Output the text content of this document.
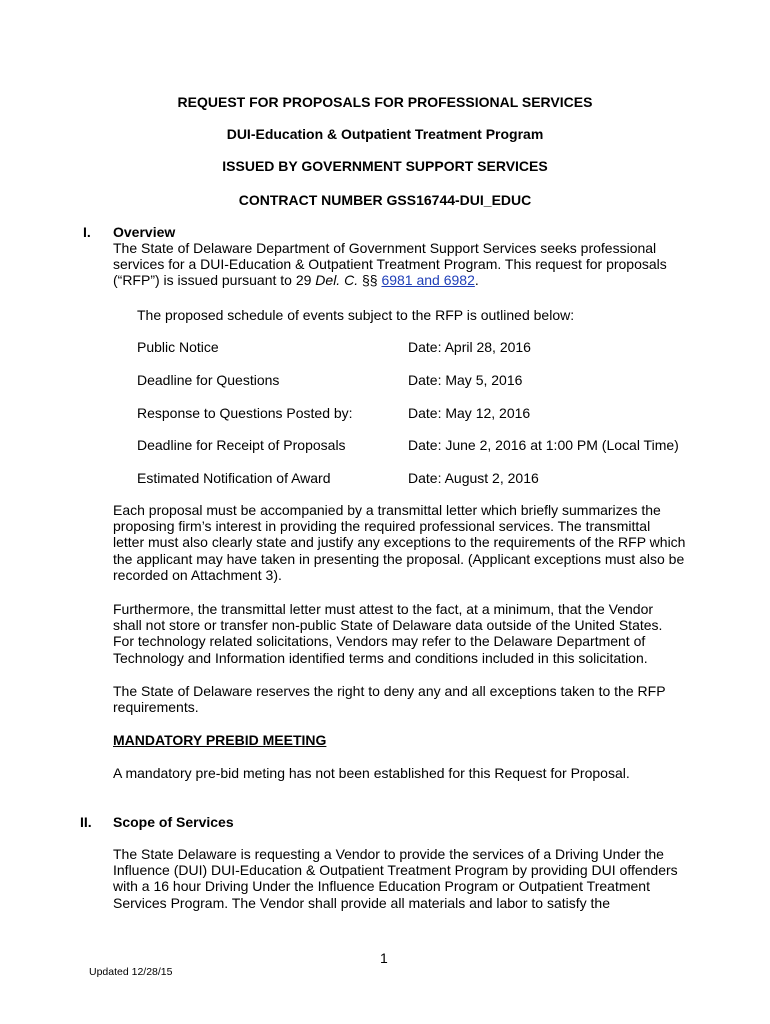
REQUEST FOR PROPOSALS FOR PROFESSIONAL SERVICES
DUI-Education & Outpatient Treatment Program
ISSUED BY GOVERNMENT SUPPORT SERVICES
CONTRACT NUMBER GSS16744-DUI_EDUC
I. Overview
The State of Delaware Department of Government Support Services seeks professional
services for a DUI-Education & Outpatient Treatment Program. This request for proposals
(“RFP”) is issued pursuant to 29 Del. C. §§ 6981 and 6982.
The proposed schedule of events subject to the RFP is outlined below:
Public Notice	Date: April 28, 2016
Deadline for Questions	Date: May 5, 2016
Response to Questions Posted by:	Date: May 12, 2016
Deadline for Receipt of Proposals	Date: June 2, 2016 at 1:00 PM (Local Time)
Estimated Notification of Award	Date: August 2, 2016
Each proposal must be accompanied by a transmittal letter which briefly summarizes the
proposing firm’s interest in providing the required professional services. The transmittal
letter must also clearly state and justify any exceptions to the requirements of the RFP which
the applicant may have taken in presenting the proposal. (Applicant exceptions must also be
recorded on Attachment 3).
Furthermore, the transmittal letter must attest to the fact, at a minimum, that the Vendor
shall not store or transfer non-public State of Delaware data outside of the United States.
For technology related solicitations, Vendors may refer to the Delaware Department of
Technology and Information identified terms and conditions included in this solicitation.
The State of Delaware reserves the right to deny any and all exceptions taken to the RFP
requirements.
MANDATORY PREBID MEETING
A mandatory pre-bid meting has not been established for this Request for Proposal.
II. Scope of Services
The State Delaware is requesting a Vendor to provide the services of a Driving Under the
Influence (DUI) DUI-Education & Outpatient Treatment Program by providing DUI offenders
with a 16 hour Driving Under the Influence Education Program or Outpatient Treatment
Services Program. The Vendor shall provide all materials and labor to satisfy the
1
Updated 12/28/15
